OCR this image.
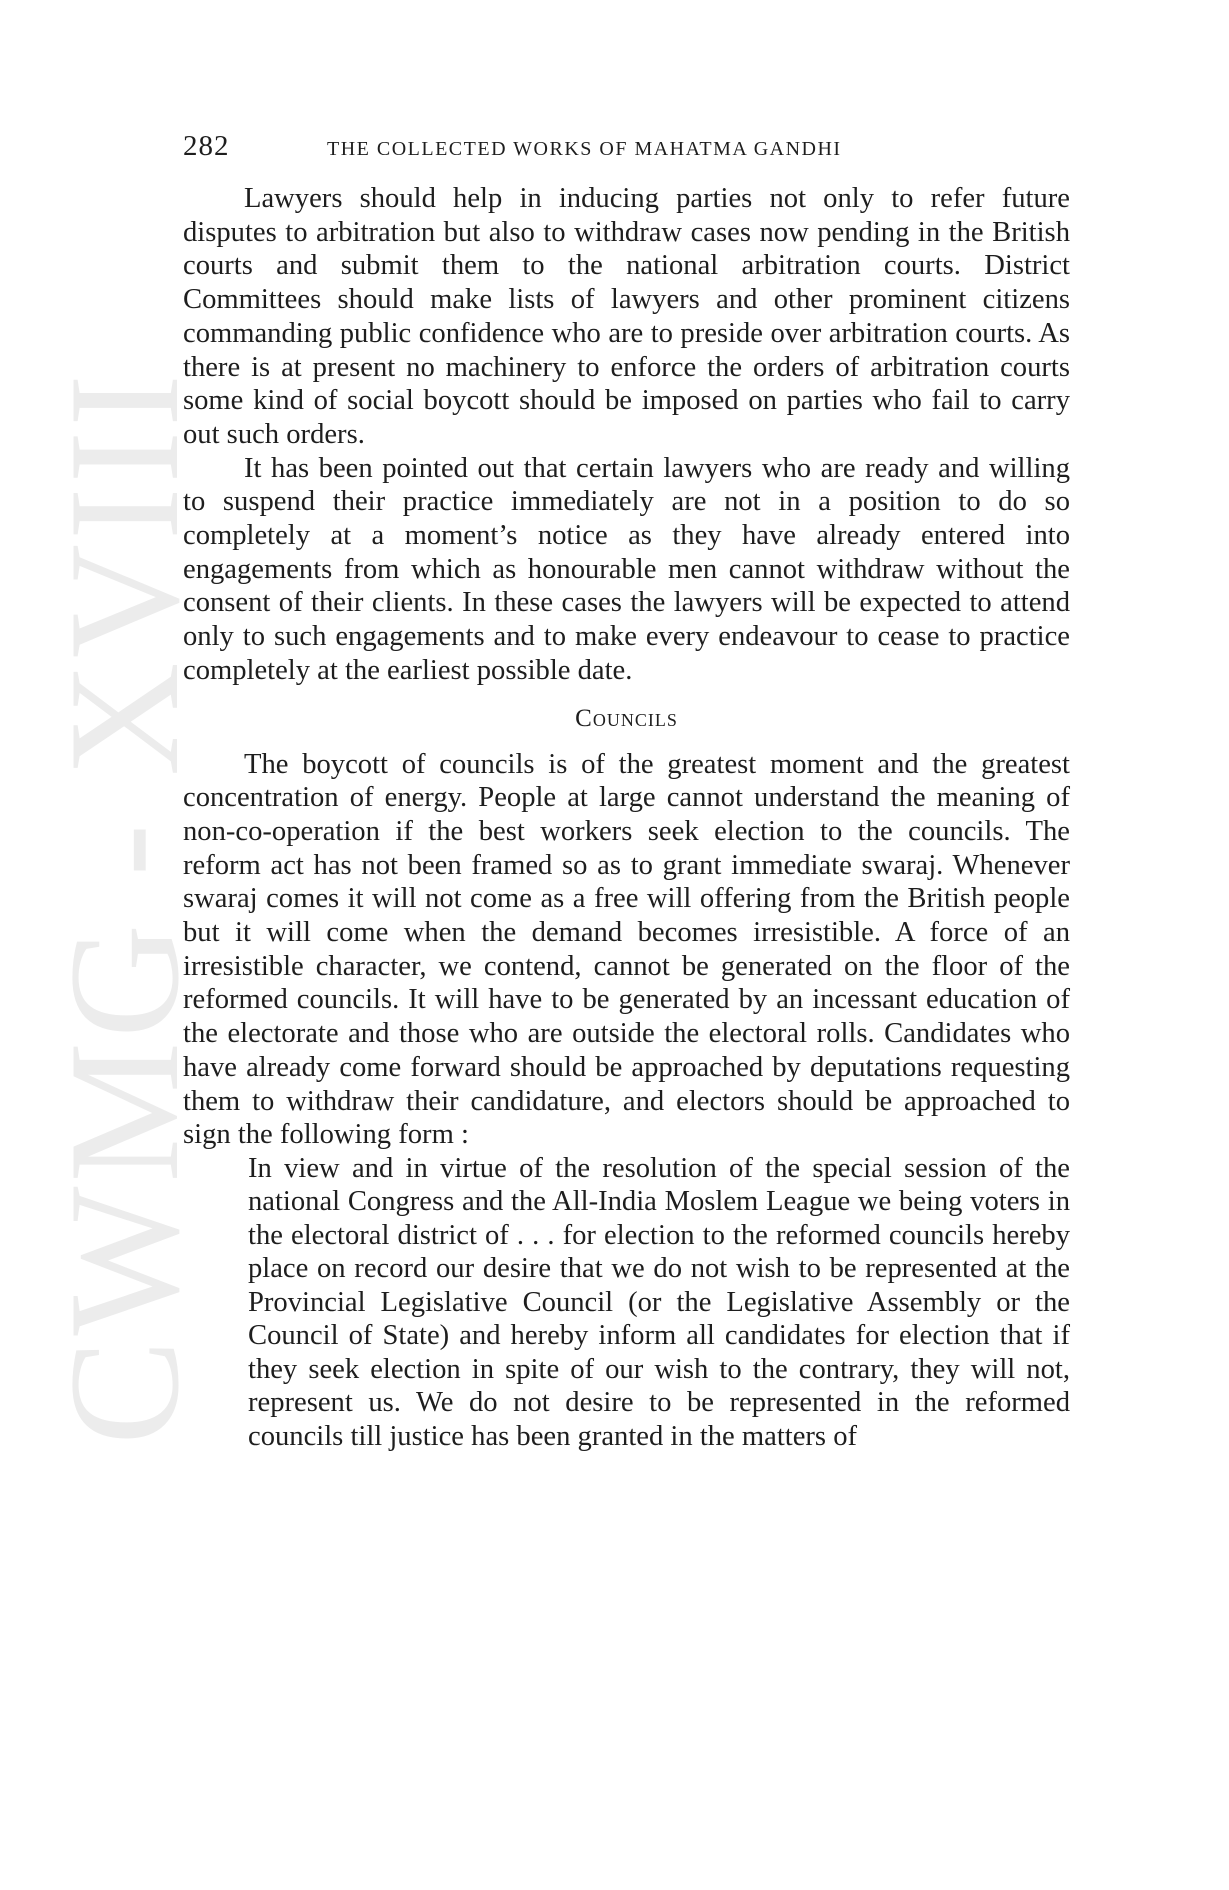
CWMG - XVIII
282	THE COLLECTED WORKS OF MAHATMA GANDHI

Lawyers should help in inducing parties not only to refer future disputes to arbitration but also to withdraw cases now pending in the British courts and submit them to the national arbitration courts. District Committees should make lists of lawyers and other prominent citizens commanding public confidence who are to preside over arbitration courts. As there is at present no machinery to enforce the orders of arbitration courts some kind of social boycott should be imposed on parties who fail to carry out such orders.

It has been pointed out that certain lawyers who are ready and willing to suspend their practice immediately are not in a position to do so completely at a moment’s notice as they have already entered into engagements from which as honourable men cannot withdraw without the consent of their clients. In these cases the lawyers will be expected to attend only to such engagements and to make every endeavour to cease to practice completely at the earliest possible date.

Councils

The boycott of councils is of the greatest moment and the greatest concentration of energy. People at large cannot understand the meaning of non-co-operation if the best workers seek election to the councils. The reform act has not been framed so as to grant immediate swaraj. Whenever swaraj comes it will not come as a free will offering from the British people but it will come when the demand becomes irresistible. A force of an irresistible character, we contend, cannot be generated on the floor of the reformed councils. It will have to be generated by an incessant education of the electorate and those who are outside the electoral rolls. Candidates who have already come forward should be approached by deputations requesting them to withdraw their candidature, and electors should be approached to sign the following form :

In view and in virtue of the resolution of the special session of the national Congress and the All-India Moslem League we being voters in the electoral district of . . . for election to the reformed councils hereby place on record our desire that we do not wish to be represented at the Provincial Legislative Council (or the Legislative Assembly or the Council of State) and hereby inform all candidates for election that if they seek election in spite of our wish to the contrary, they will not, represent us. We do not desire to be represented in the reformed councils till justice has been granted in the matters of
